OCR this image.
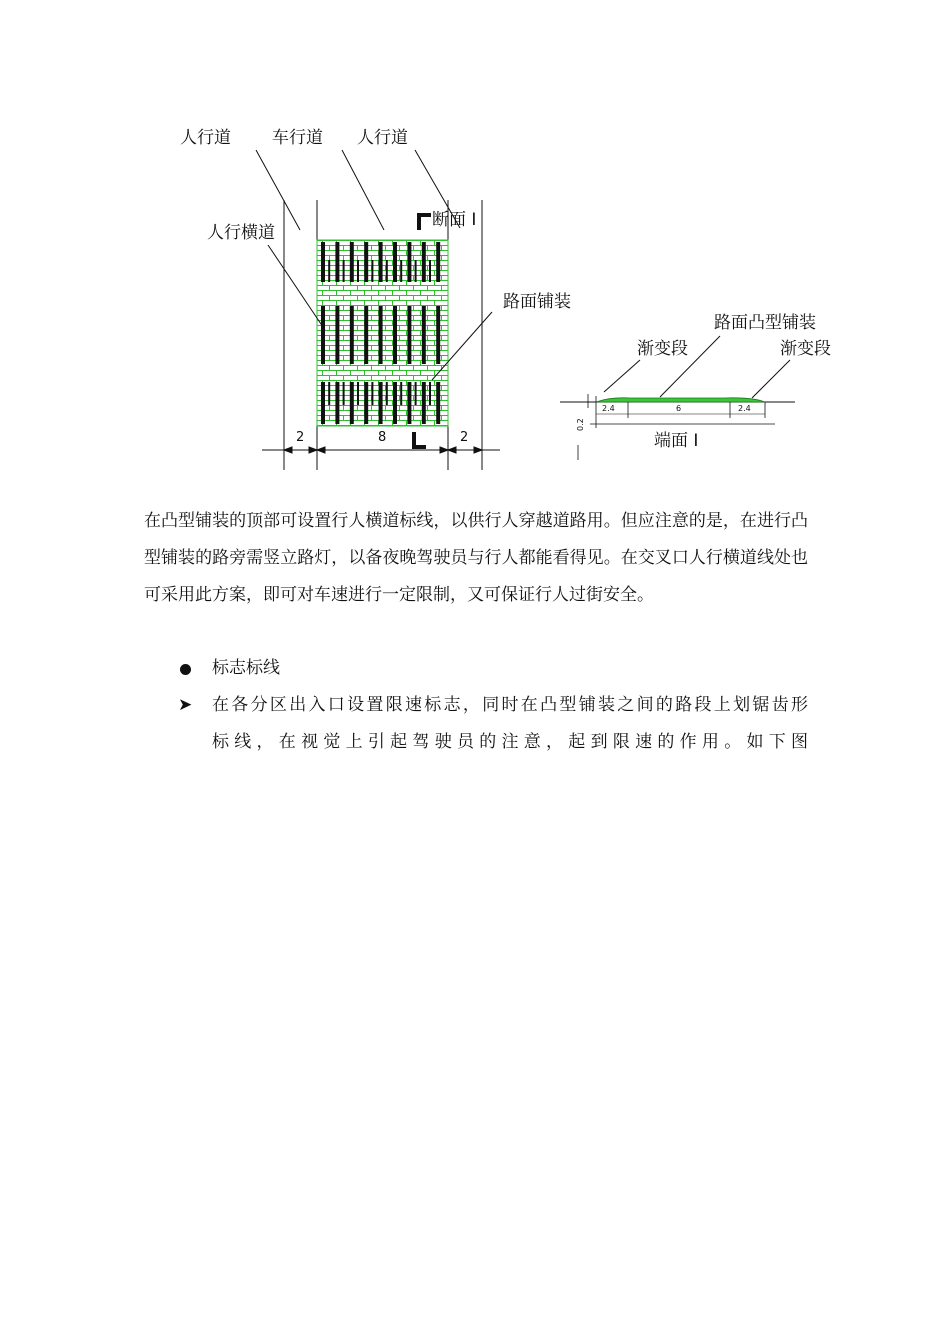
人行道 车行道 人行道
人行横道
断面 I
路面铺装
2	8	2
2.4	6	2.4
0.2
路面凸型铺装
渐变段	渐变段
端面 I

在凸型铺装的顶部可设置行人横道标线，以供行人穿越道路用。但应注意的是，在进行凸型铺装的路旁需竖立路灯，以备夜晚驾驶员与行人都能看得见。在交叉口人行横道线处也可采用此方案，即可对车速进行一定限制，又可保证行人过街安全。

标志标线
➤ 在各分区出入口设置限速标志，同时在凸型铺装之间的路段上划锯齿形
标线，在视觉上引起驾驶员的注意，起到限速的作用。如下图
